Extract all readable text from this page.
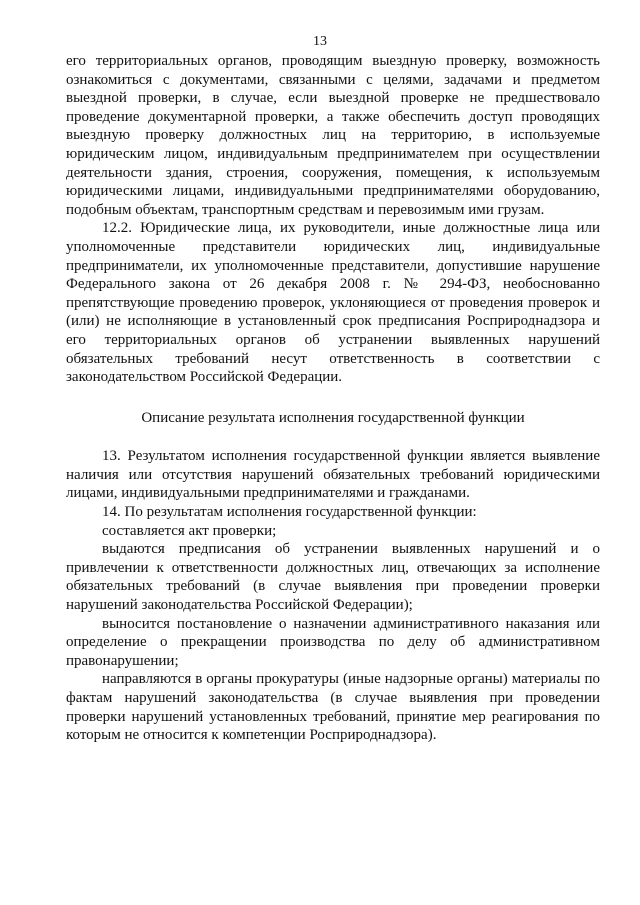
13

его территориальных органов, проводящим выездную проверку, возможность ознакомиться с документами, связанными с целями, задачами и предметом выездной проверки, в случае, если выездной проверке не предшествовало проведение документарной проверки, а также обеспечить доступ проводящих выездную проверку должностных лиц на территорию, в используемые юридическим лицом, индивидуальным предпринимателем при осуществлении деятельности здания, строения, сооружения, помещения, к используемым юридическими лицами, индивидуальными предпринимателями оборудованию, подобным объектам, транспортным средствам и перевозимым ими грузам.

12.2. Юридические лица, их руководители, иные должностные лица или уполномоченные представители юридических лиц, индивидуальные предприниматели, их уполномоченные представители, допустившие нарушение Федерального закона от 26 декабря 2008 г. № 294-ФЗ, необоснованно препятствующие проведению проверок, уклоняющиеся от проведения проверок и (или) не исполняющие в установленный срок предписания Росприроднадзора и его территориальных органов об устранении выявленных нарушений обязательных требований несут ответственность в соответствии с законодательством Российской Федерации.

Описание результата исполнения государственной функции

13. Результатом исполнения государственной функции является выявление наличия или отсутствия нарушений обязательных требований юридическими лицами, индивидуальными предпринимателями и гражданами.

14. По результатам исполнения государственной функции:

составляется акт проверки;

выдаются предписания об устранении выявленных нарушений и о привлечении к ответственности должностных лиц, отвечающих за исполнение обязательных требований (в случае выявления при проведении проверки нарушений законодательства Российской Федерации);

выносится постановление о назначении административного наказания или определение о прекращении производства по делу об административном правонарушении;

направляются в органы прокуратуры (иные надзорные органы) материалы по фактам нарушений законодательства (в случае выявления при проведении проверки нарушений установленных требований, принятие мер реагирования по которым не относится к компетенции Росприроднадзора).
